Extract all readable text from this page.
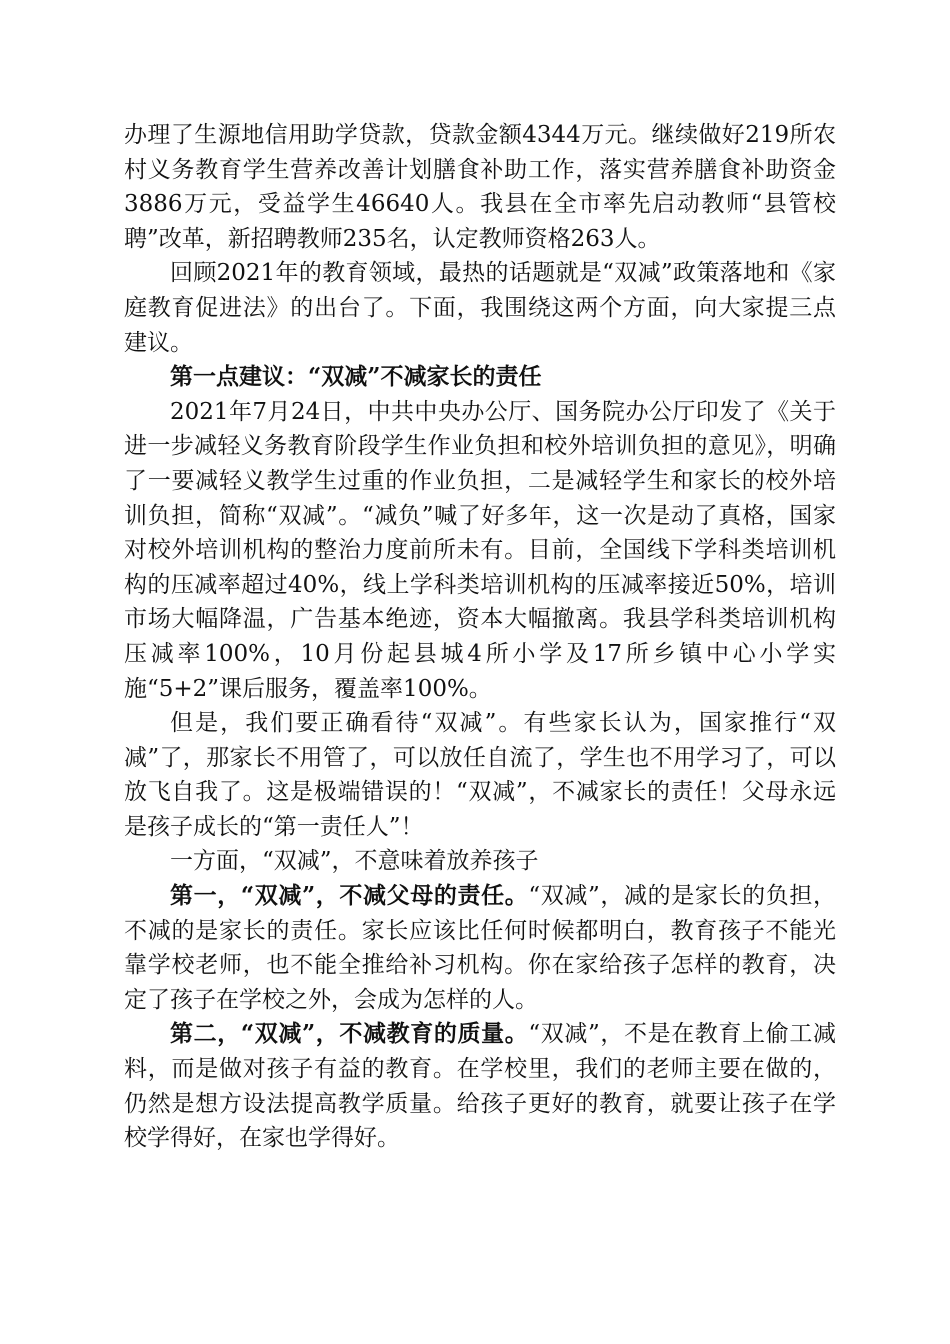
办理了生源地信用助学贷款，贷款金额4344万元。继续做好219所农村义务教育学生营养改善计划膳食补助工作，落实营养膳食补助资金3886万元，受益学生46640人。我县在全市率先启动教师“县管校聘”改革，新招聘教师235名，认定教师资格263人。

回顾2021年的教育领域，最热的话题就是“双减”政策落地和《家庭教育促进法》的出台了。下面，我围绕这两个方面，向大家提三点建议。

第一点建议：“双减”不减家长的责任

2021年7月24日，中共中央办公厅、国务院办公厅印发了《关于进一步减轻义务教育阶段学生作业负担和校外培训负担的意见》，明确了一要减轻义教学生过重的作业负担，二是减轻学生和家长的校外培训负担，简称“双减”。“减负”喊了好多年，这一次是动了真格，国家对校外培训机构的整治力度前所未有。目前，全国线下学科类培训机构的压减率超过40%，线上学科类培训机构的压减率接近50%，培训市场大幅降温，广告基本绝迹，资本大幅撤离。我县学科类培训机构压减率100%，10月份起县城4所小学及17所乡镇中心小学实施“5+2”课后服务，覆盖率100%。

但是，我们要正确看待“双减”。有些家长认为，国家推行“双减”了，那家长不用管了，可以放任自流了，学生也不用学习了，可以放飞自我了。这是极端错误的！“双减”，不减家长的责任！父母永远是孩子成长的“第一责任人”！

一方面，“双减”，不意味着放养孩子

第一，“双减”，不减父母的责任。“双减”，减的是家长的负担，不减的是家长的责任。家长应该比任何时候都明白，教育孩子不能光靠学校老师，也不能全推给补习机构。你在家给孩子怎样的教育，决定了孩子在学校之外，会成为怎样的人。

第二，“双减”，不减教育的质量。“双减”，不是在教育上偷工减料，而是做对孩子有益的教育。在学校里，我们的老师主要在做的，仍然是想方设法提高教学质量。给孩子更好的教育，就要让孩子在学校学得好，在家也学得好。
